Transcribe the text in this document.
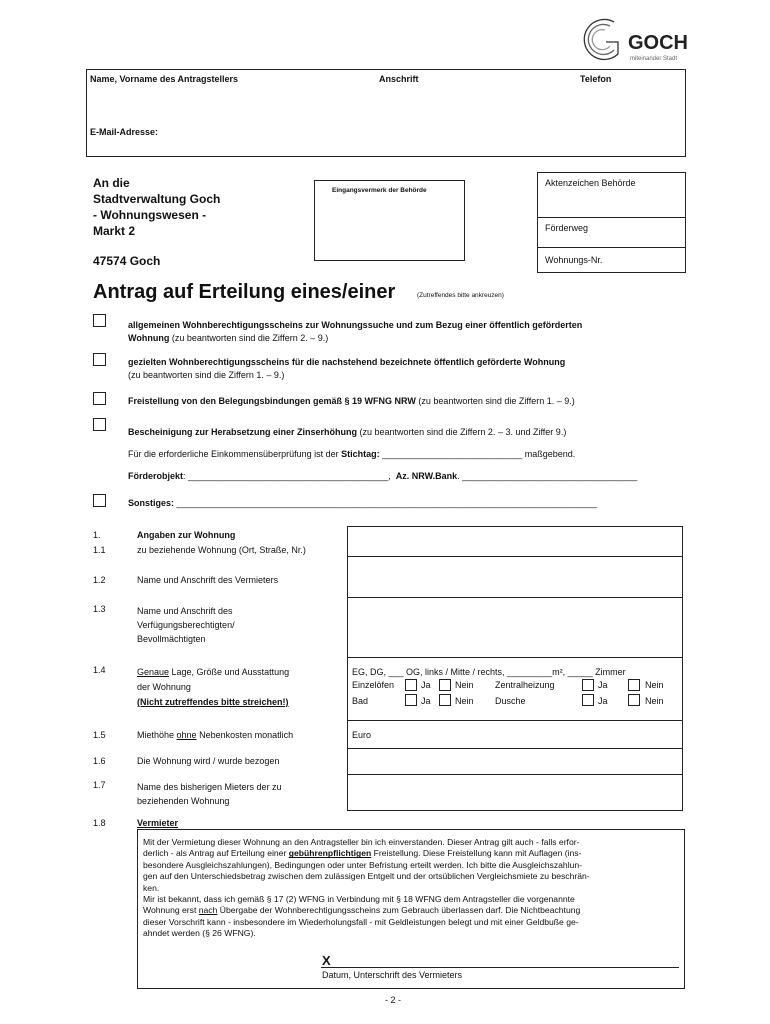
GOCH
miteinander Stadt
Name, Vorname des Antragstellers	Anschrift	Telefon
E-Mail-Adresse:
An die
Stadtverwaltung Goch
- Wohnungswesen -
Markt 2
47574 Goch
Eingangsvermerk der Behörde
Aktenzeichen Behörde
Förderweg
Wohnungs-Nr.
Antrag auf Erteilung eines/einer	(Zutreffendes bitte ankreuzen)
allgemeinen Wohnberechtigungsscheins zur Wohnungssuche und zum Bezug einer öffentlich geförderten
Wohnung (zu beantworten sind die Ziffern 2. – 9.)
gezielten Wohnberechtigungsscheins für die nachstehend bezeichnete öffentlich geförderte Wohnung
(zu beantworten sind die Ziffern 1. – 9.)
Freistellung von den Belegungsbindungen gemäß § 19 WFNG NRW (zu beantworten sind die Ziffern 1. – 9.)
Bescheinigung zur Herabsetzung einer Zinserhöhung (zu beantworten sind die Ziffern 2. – 3. und Ziffer 9.)
Für die erforderliche Einkommensüberprüfung ist der Stichtag: ____________________________ maßgebend.
Förderobjekt: ________________________________________, Az. NRW.Bank. ___________________________________
Sonstiges: ____________________________________________________________________________________
1.	Angaben zur Wohnung
1.1	zu beziehende Wohnung (Ort, Straße, Nr.)
1.2	Name und Anschrift des Vermieters
1.3	Name und Anschrift des
Verfügungsberechtigten/
Bevollmächtigten
1.4	Genaue Lage, Größe und Ausstattung
der Wohnung
(Nicht zutreffendes bitte streichen!)
EG, DG, ___ OG, links / Mitte / rechts, _________m², _____ Zimmer
Einzelöfen	Ja	Nein Zentralheizung	Ja	Nein
Bad	Ja	Nein Dusche	Ja	Nein
1.5	Miethöhe ohne Nebenkosten monatlich	Euro
1.6	Die Wohnung wird / wurde bezogen
1.7	Name des bisherigen Mieters der zu
beziehenden Wohnung
1.8	Vermieter
Mit der Vermietung dieser Wohnung an den Antragsteller bin ich einverstanden. Dieser Antrag gilt auch - falls erfor-
derlich - als Antrag auf Erteilung einer gebührenpflichtigen Freistellung. Diese Freistellung kann mit Auflagen (ins-
besondere Ausgleichszahlungen), Bedingungen oder unter Befristung erteilt werden. Ich bitte die Ausgleichszahlun-
gen auf den Unterschiedsbetrag zwischen dem zulässigen Entgelt und der ortsüblichen Vergleichsmiete zu beschrän-
ken.
Mir ist bekannt, dass ich gemäß § 17 (2) WFNG in Verbindung mit § 18 WFNG dem Antragsteller die vorgenannte
Wohnung erst nach Übergabe der Wohnberechtigungsscheins zum Gebrauch überlassen darf. Die Nichtbeachtung
dieser Vorschrift kann - insbesondere im Wiederholungsfall - mit Geldleistungen belegt und mit einer Geldbuße ge-
ahndet werden (§ 26 WFNG).
X
Datum, Unterschrift des Vermieters
- 2 -
